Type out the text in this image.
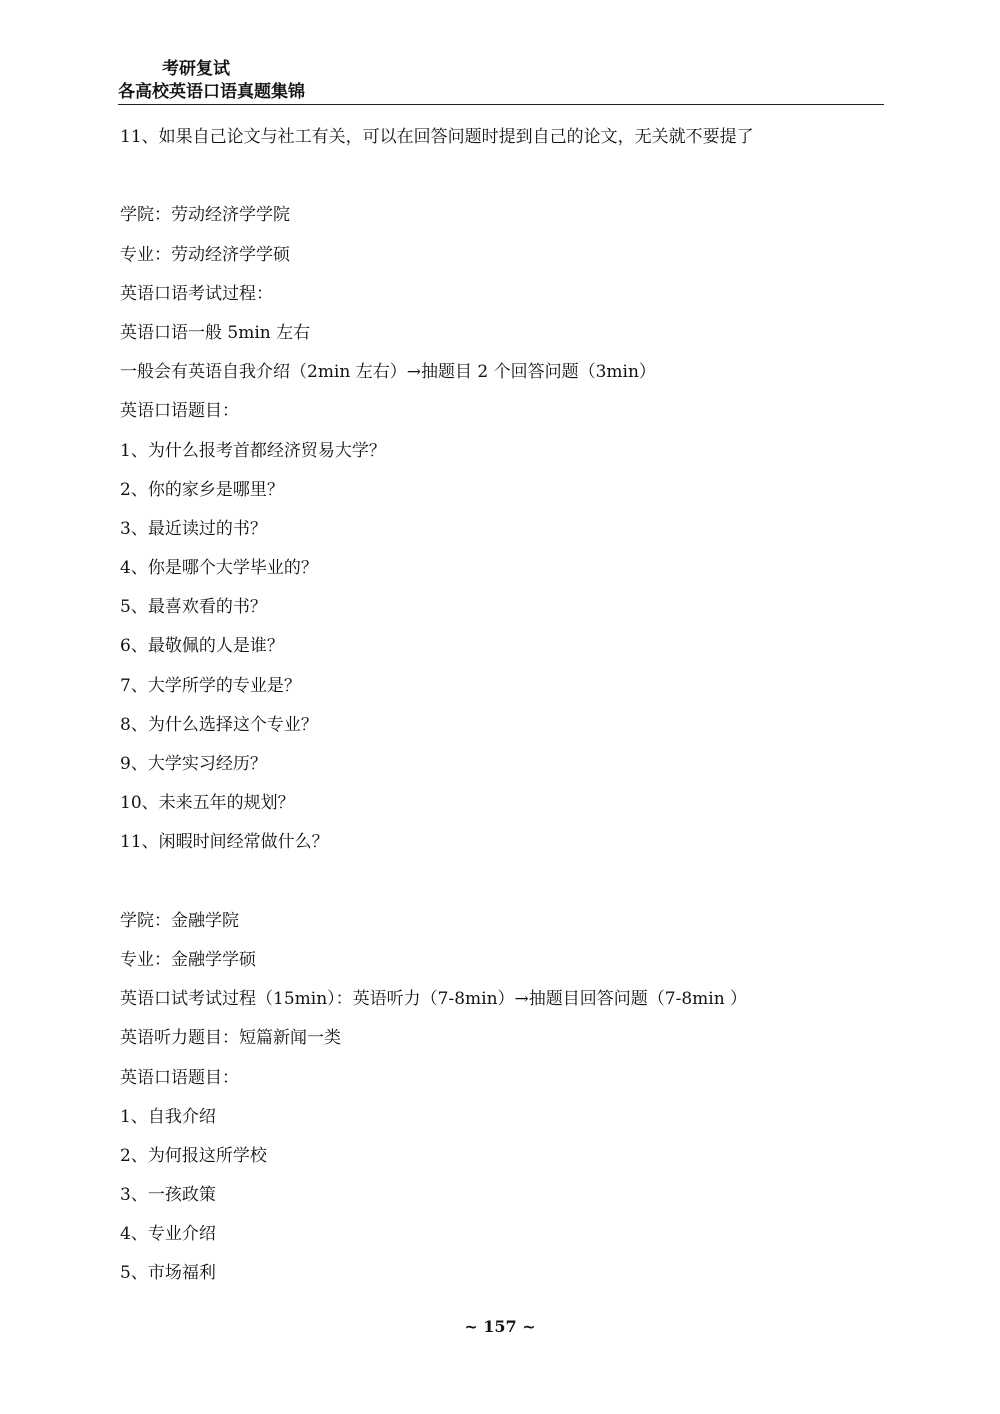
考研复试
各高校英语口语真题集锦
11、如果自己论文与社工有关，可以在回答问题时提到自己的论文，无关就不要提了
学院：劳动经济学学院
专业：劳动经济学学硕
英语口语考试过程：
英语口语一般 5min 左右
一般会有英语自我介绍（2min 左右）→抽题目 2 个回答问题（3min）
英语口语题目：
1、为什么报考首都经济贸易大学？
2、你的家乡是哪里？
3、最近读过的书？
4、你是哪个大学毕业的？
5、最喜欢看的书？
6、最敬佩的人是谁？
7、大学所学的专业是？
8、为什么选择这个专业？
9、大学实习经历？
10、未来五年的规划？
11、闲暇时间经常做什么？
学院：金融学院
专业：金融学学硕
英语口试考试过程（15min）：英语听力（7-8min）→抽题目回答问题（7-8min ）
英语听力题目：短篇新闻一类
英语口语题目：
1、自我介绍
2、为何报这所学校
3、一孩政策
4、专业介绍
5、市场福利
~ 157 ~
